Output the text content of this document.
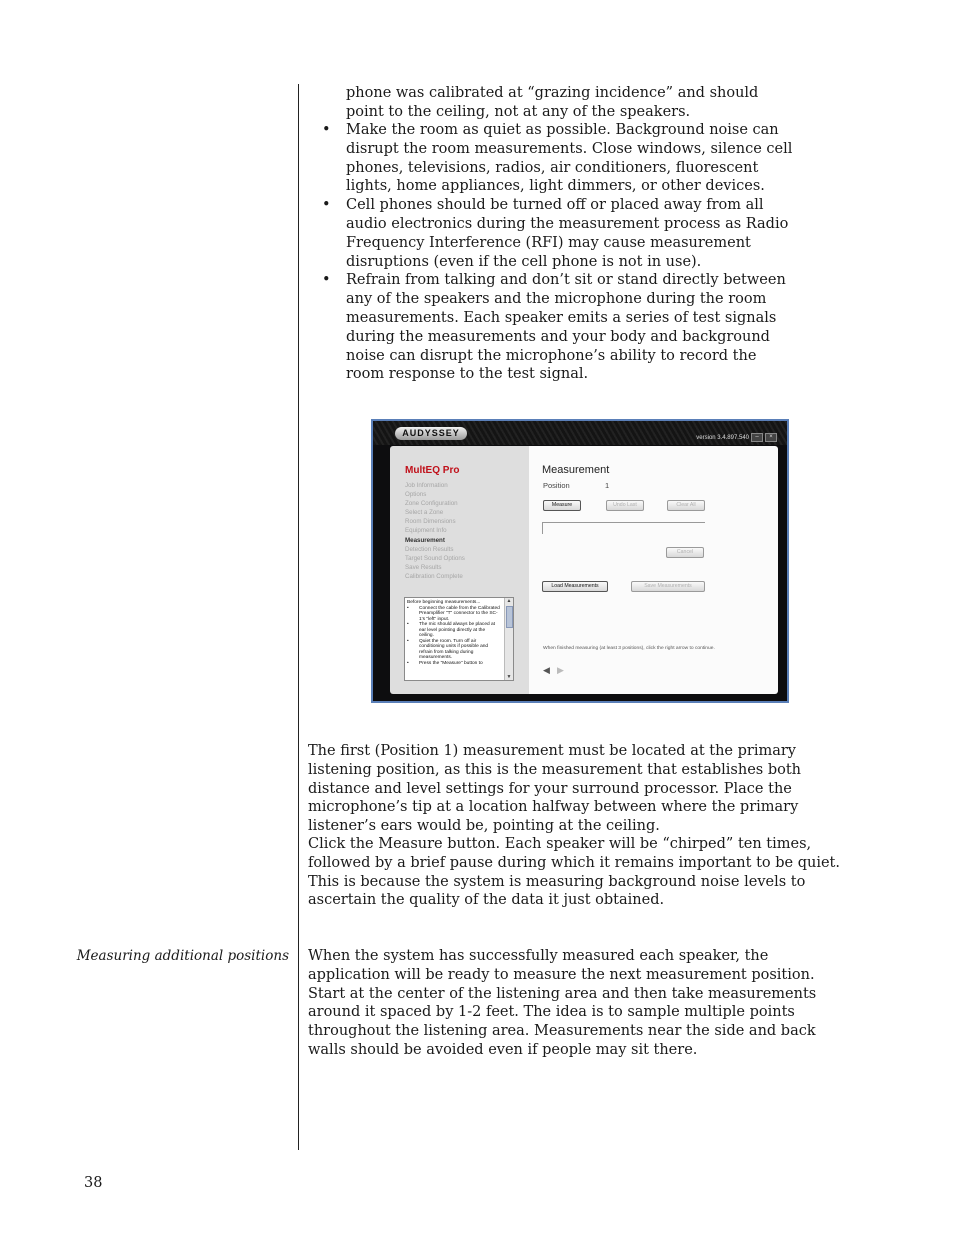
phone was calibrated at “grazing incidence” and should point to the ceiling, not at any of the speakers.
•	Make the room as quiet as possible. Background noise can disrupt the room measurements. Close windows, silence cell phones, televisions, radios, air conditioners, fluorescent lights, home appliances, light dimmers, or other devices.
•	Cell phones should be turned off or placed away from all audio electronics during the measurement process as Radio Frequency Interference (RFI) may cause measurement disruptions (even if the cell phone is not in use).
•	Refrain from talking and don’t sit or stand directly between any of the speakers and the microphone during the room measurements. Each speaker emits a series of test signals during the measurements and your body and background noise can disrupt the microphone’s ability to record the room response to the test signal.
AUDYSSEY	version 3.4.897.540	–	×
MultEQ Pro
Job Information
Options
Zone Configuration
Select a Zone
Room Dimensions
Equipment Info
Measurement
Detection Results
Target Sound Options
Save Results
Calibration Complete
Before beginning measurements...
• Connect the cable from the Calibrated Preamplifier "T" connector to the SC-1's "left" input.
• The mic should always be placed at ear level pointing directly at the ceiling.
• Quiet the room. Turn off air conditioning units if possible and refrain from talking during measurements.
• Press the "Measure" button to
▲
▼
Measurement
Position	1
Measure	Undo Last	Clear All
Cancel
Load Measurements	Save Measurements
When finished measuring (at least 3 positions), click the right arrow to continue.
◀ ▶
The first (Position 1) measurement must be located at the primary listening position, as this is the measurement that establishes both distance and level settings for your surround processor. Place the microphone’s tip at a location halfway between where the primary listener’s ears would be, pointing at the ceiling.
Click the Measure button. Each speaker will be “chirped” ten times, followed by a brief pause during which it remains important to be quiet. This is because the system is measuring background noise levels to ascertain the quality of the data it just obtained.
Measuring additional positions When the system has successfully measured each speaker, the application will be ready to measure the next measurement position. Start at the center of the listening area and then take measurements around it spaced by 1-2 feet. The idea is to sample multiple points throughout the listening area. Measurements near the side and back walls should be avoided even if people may sit there.
38
